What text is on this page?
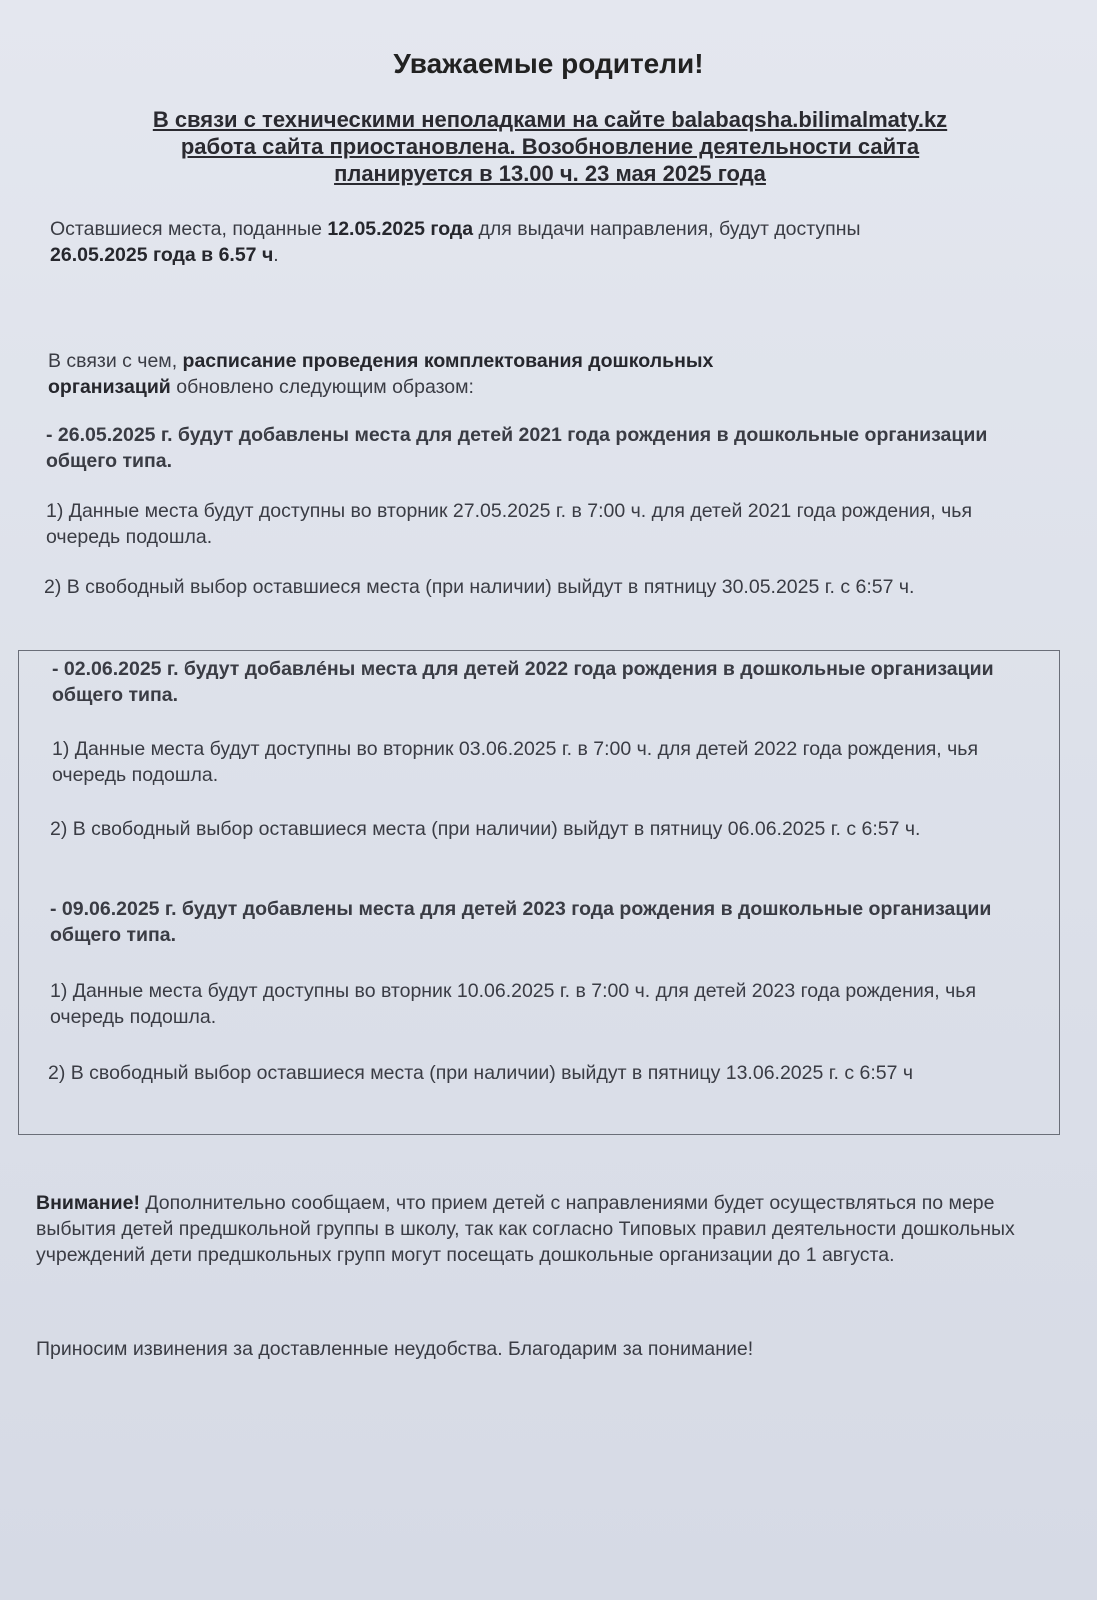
Уважаемые родители!
В связи с техническими неполадками на сайте balabaqsha.bilimalmaty.kz
работа сайта приостановлена. Возобновление деятельности сайта
планируется в 13.00 ч. 23 мая 2025 года
Оставшиеся места, поданные 12.05.2025 года для выдачи направления, будут доступны 26.05.2025 года в 6.57 ч.
В связи с чем, расписание проведения комплектования дошкольных организаций обновлено следующим образом:
- 26.05.2025 г. будут добавлены места для детей 2021 года рождения в дошкольные организации общего типа.
1) Данные места будут доступны во вторник 27.05.2025 г. в 7:00 ч. для детей 2021 года рождения, чья очередь подошла.
2) В свободный выбор оставшиеся места (при наличии) выйдут в пятницу 30.05.2025 г. с 6:57 ч.
- 02.06.2025 г. будут добавлéны места для детей 2022 года рождения в дошкольные организации общего типа.
1) Данные места будут доступны во вторник 03.06.2025 г. в 7:00 ч. для детей 2022 года рождения, чья очередь подошла.
2) В свободный выбор оставшиеся места (при наличии) выйдут в пятницу 06.06.2025 г. с 6:57 ч.
- 09.06.2025 г. будут добавлены места для детей 2023 года рождения в дошкольные организации общего типа.
1) Данные места будут доступны во вторник 10.06.2025 г. в 7:00 ч. для детей 2023 года рождения, чья очередь подошла.
2) В свободный выбор оставшиеся места (при наличии) выйдут в пятницу 13.06.2025 г. с 6:57 ч
Внимание! Дополнительно сообщаем, что прием детей с направлениями будет осуществляться по мере выбытия детей предшкольной группы в школу, так как согласно Типовых правил деятельности дошкольных учреждений дети предшкольных групп могут посещать дошкольные организации до 1 августа.
Приносим извинения за доставленные неудобства. Благодарим за понимание!
